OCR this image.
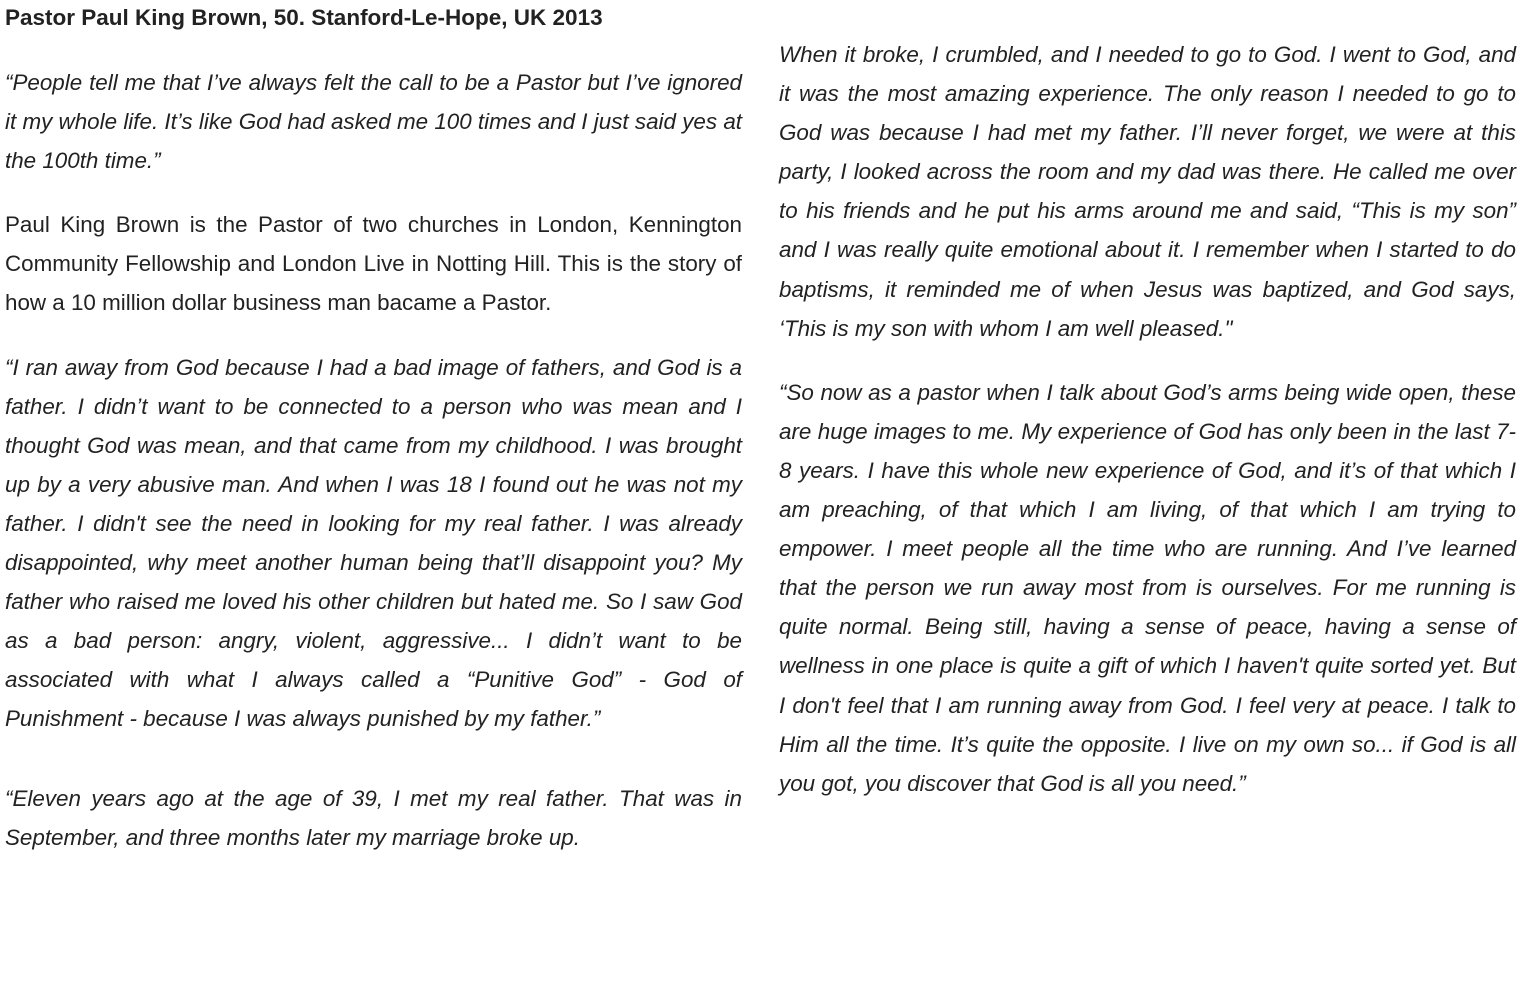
Pastor Paul King Brown, 50. Stanford-Le-Hope, UK 2013

“People tell me that I’ve always felt the call to be a Pastor but I’ve ignored it my whole life. It’s like God had asked me 100 times and I just said yes at the 100th time.”

Paul King Brown is the Pastor of two churches in London, Kennington Community Fellowship and London Live in Notting Hill. This is the story of how a 10 million dollar business man bacame a Pastor.

“I ran away from God because I had a bad image of fathers, and God is a father. I didn’t want to be connected to a person who was mean and I thought God was mean, and that came from my childhood. I was brought up by a very abusive man. And when I was 18 I found out he was not my father. I didn't see the need in looking for my real father. I was already disappointed, why meet another human being that’ll disappoint you? My father who raised me loved his other children but hated me. So I saw God as a bad person: angry, violent, aggressive... I didn’t want to be associated with what I always called a “Punitive God” - God of Punishment - because I was always punished by my father.”

“Eleven years ago at the age of 39, I met my real father. That was in September, and three months later my marriage broke up.

When it broke, I crumbled, and I needed to go to God. I went to God, and it was the most amazing experience. The only reason I needed to go to God was because I had met my father. I’ll never forget, we were at this party, I looked across the room and my dad was there. He called me over to his friends and he put his arms around me and said, “This is my son” and I was really quite emotional about it. I remember when I started to do baptisms, it reminded me of when Jesus was baptized, and God says, ‘This is my son with whom I am well pleased."

“So now as a pastor when I talk about God’s arms being wide open, these are huge images to me. My experience of God has only been in the last 7-8 years. I have this whole new experience of God, and it’s of that which I am preaching, of that which I am living, of that which I am trying to empower. I meet people all the time who are running. And I’ve learned that the person we run away most from is ourselves. For me running is quite normal. Being still, having a sense of peace, having a sense of wellness in one place is quite a gift of which I haven't quite sorted yet. But I don't feel that I am running away from God. I feel very at peace. I talk to Him all the time. It’s quite the opposite. I live on my own so... if God is all you got, you discover that God is all you need.”
